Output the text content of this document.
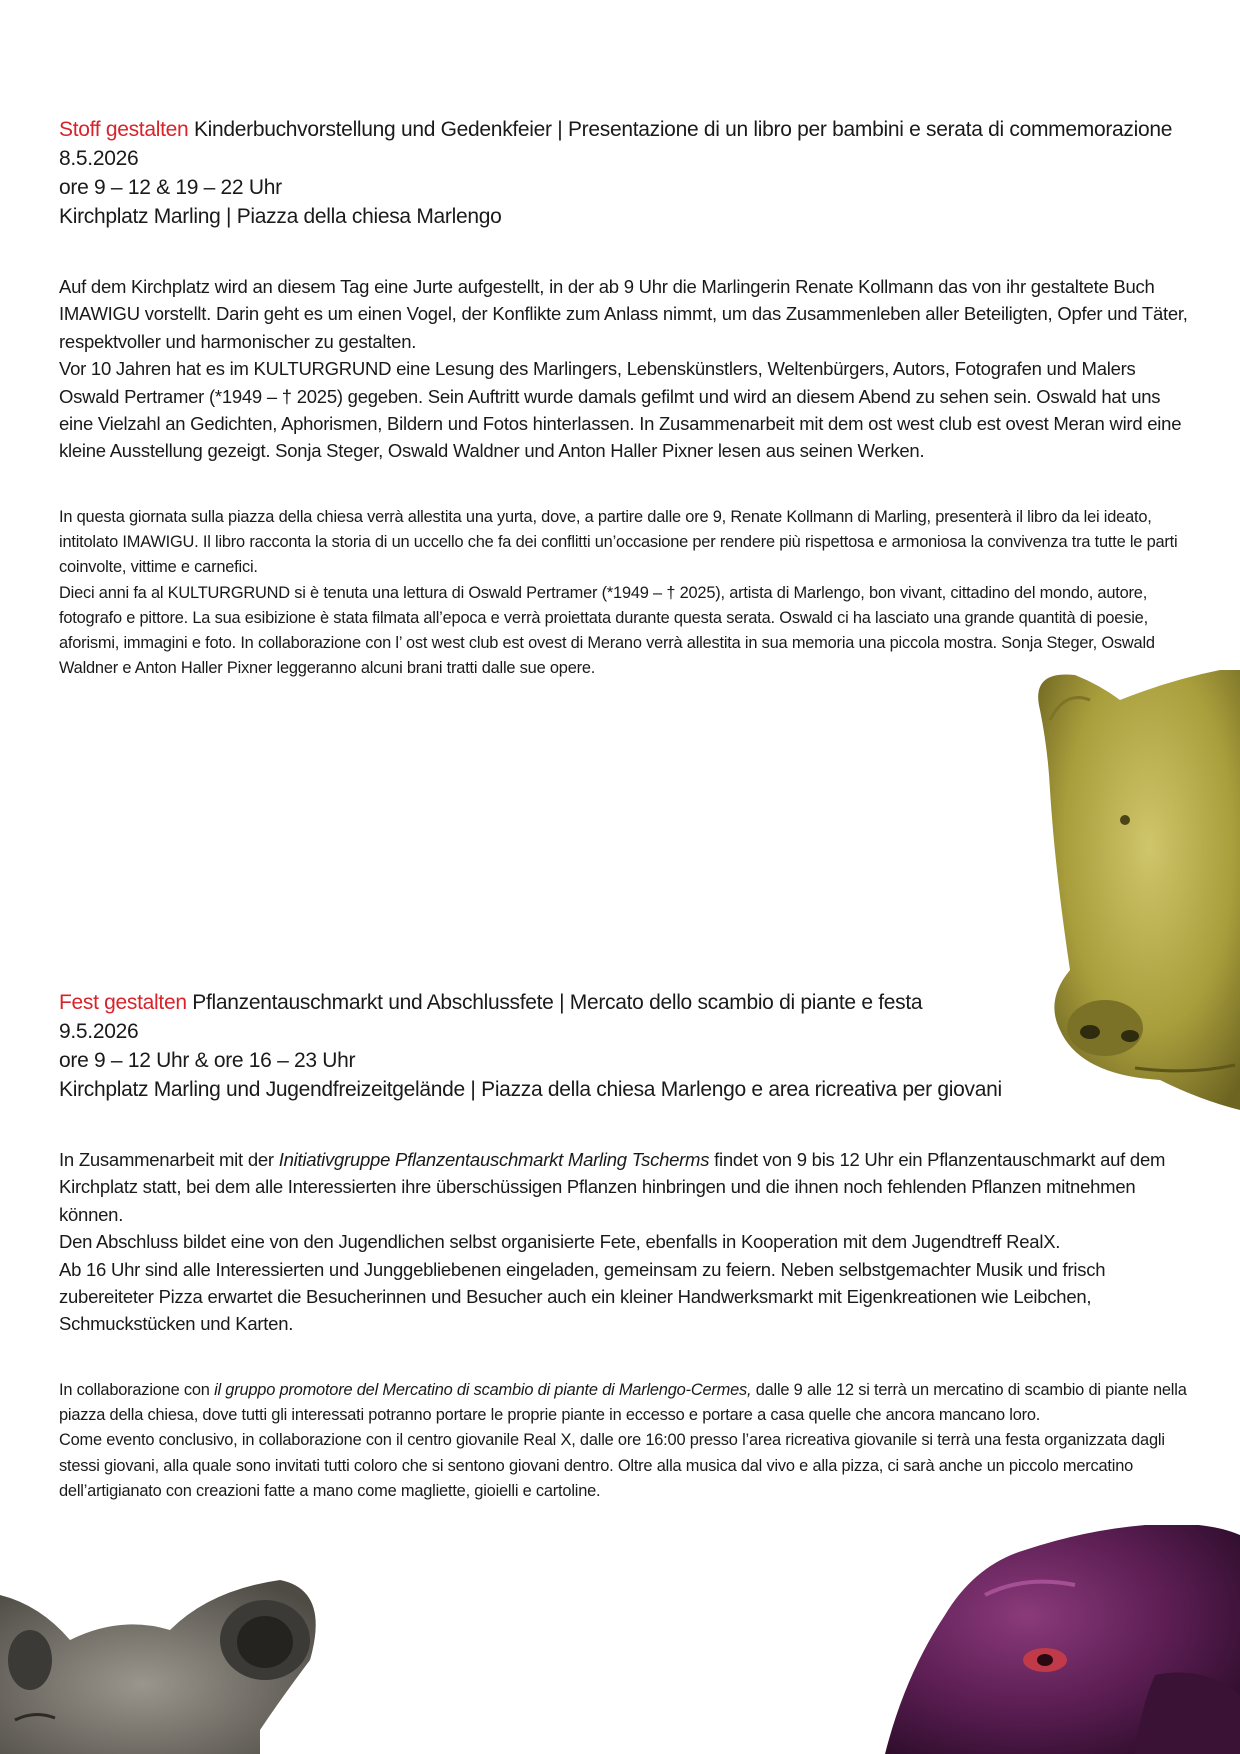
Stoff gestalten Kinderbuchvorstellung und Gedenkfeier | Presentazione di un libro per bambini e serata di commemorazione

8.5.2026

ore 9 – 12 & 19 – 22 Uhr

Kirchplatz Marling | Piazza della chiesa Marlengo

Auf dem Kirchplatz wird an diesem Tag eine Jurte aufgestellt, in der ab 9 Uhr die Marlingerin Renate Kollmann das von ihr gestaltete Buch IMAWIGU vorstellt. Darin geht es um einen Vogel, der Konflikte zum Anlass nimmt, um das Zusammenleben aller Beteiligten, Opfer und Täter, respektvoller und harmonischer zu gestalten.

Vor 10 Jahren hat es im KULTURGRUND eine Lesung des Marlingers, Lebenskünstlers, Weltenbürgers, Autors, Fotografen und Malers Oswald Pertramer (*1949 – † 2025) gegeben. Sein Auftritt wurde damals gefilmt und wird an diesem Abend zu sehen sein. Oswald hat uns eine Vielzahl an Gedichten, Aphorismen, Bildern und Fotos hinterlassen. In Zusammenarbeit mit dem ost west club est ovest Meran wird eine kleine Ausstellung gezeigt. Sonja Steger, Oswald Waldner und Anton Haller Pixner lesen aus seinen Werken.

In questa giornata sulla piazza della chiesa verrà allestita una yurta, dove, a partire dalle ore 9, Renate Kollmann di Marling, presenterà il libro da lei ideato, intitolato IMAWIGU. Il libro racconta la storia di un uccello che fa dei conflitti un’occasione per rendere più rispettosa e armoniosa la convivenza tra tutte le parti coinvolte, vittime e carnefici.

Dieci anni fa al KULTURGRUND si è tenuta una lettura di Oswald Pertramer (*1949 – † 2025), artista di Marlengo, bon vivant, cittadino del mondo, autore, fotografo e pittore. La sua esibizione è stata filmata all’epoca e verrà proiettata durante questa serata. Oswald ci ha lasciato una grande quantità di poesie, aforismi, immagini e foto. In collaborazione con l’ ost west club est ovest di Merano verrà allestita in sua memoria una piccola mostra. Sonja Steger, Oswald Waldner e Anton Haller Pixner leggeranno alcuni brani tratti dalle sue opere.

Fest gestalten Pflanzentauschmarkt und Abschlussfete | Mercato dello scambio di piante e festa

9.5.2026

ore 9 – 12 Uhr & ore 16 – 23 Uhr

Kirchplatz Marling und Jugendfreizeitgelände | Piazza della chiesa Marlengo e area ricreativa per giovani

In Zusammenarbeit mit der Initiativgruppe Pflanzentauschmarkt Marling Tscherms findet von 9 bis 12 Uhr ein Pflanzentauschmarkt auf dem Kirchplatz statt, bei dem alle Interessierten ihre überschüssigen Pflanzen hinbringen und die ihnen noch fehlenden Pflanzen mitnehmen können.

Den Abschluss bildet eine von den Jugendlichen selbst organisierte Fete, ebenfalls in Kooperation mit dem Jugendtreff RealX.

Ab 16 Uhr sind alle Interessierten und Junggebliebenen eingeladen, gemeinsam zu feiern. Neben selbstgemachter Musik und frisch zubereiteter Pizza erwartet die Besucherinnen und Besucher auch ein kleiner Handwerksmarkt mit Eigenkreationen wie Leibchen, Schmuckstücken und Karten.

In collaborazione con il gruppo promotore del Mercatino di scambio di piante di Marlengo-Cermes, dalle 9 alle 12 si terrà un mercatino di scambio di piante nella piazza della chiesa, dove tutti gli interessati potranno portare le proprie piante in eccesso e portare a casa quelle che ancora mancano loro.

Come evento conclusivo, in collaborazione con il centro giovanile Real X, dalle ore 16:00 presso l’area ricreativa giovanile si terrà una festa organizzata dagli stessi giovani, alla quale sono invitati tutti coloro che si sentono giovani dentro. Oltre alla musica dal vivo e alla pizza, ci sarà anche un piccolo mercatino dell’artigianato con creazioni fatte a mano come magliette, gioielli e cartoline.
